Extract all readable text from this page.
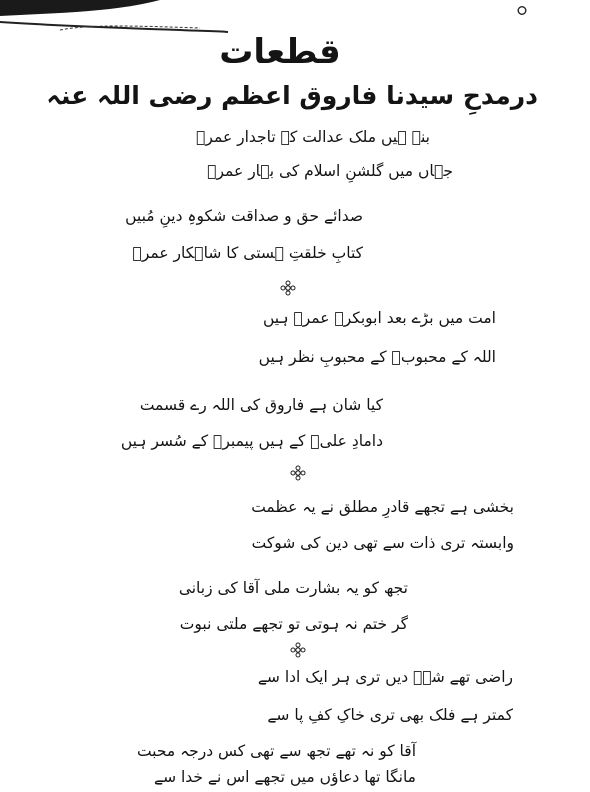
قطعات
درمدحِ سیدنا فاروق اعظم رضی اللہ عنہ
بنے ہیں ملک عدالت کے تاجدار عمرؓ
جہاں میں گلشنِ اسلام کی بہار عمرؓ
صدائے حق و صداقت شکوہِ دینِ مُبیں
کتابِ خلقتِ ہستی کا شاہکار عمرؓ
امت میں بڑے بعد ابوبکرؓ عمرؓ ہیں
اللہ کے محبوبؐ کے محبوبِ نظر ہیں
کیا شان ہے فاروق کی اللہ رے قسمت
دامادِ علیؓ کے ہیں پیمبرؐ کے سُسر ہیں
بخشی ہے تجھے قادرِ مطلق نے یہ عظمت
وابستہ تری ذات سے تھی دین کی شوکت
تجھ کو یہ بشارت ملی آقا کی زبانی
گر ختم نہ ہوتی تو تجھے ملتی نبوت
راضی تھے شہؐ دیں تری ہر ایک ادا سے
کمتر ہے فلک بھی تری خاکِ کفِ پا سے
آقا کو نہ تھے تجھ سے تھی کس درجہ محبت
مانگا تھا دعاؤں میں تجھے اس نے خدا سے
